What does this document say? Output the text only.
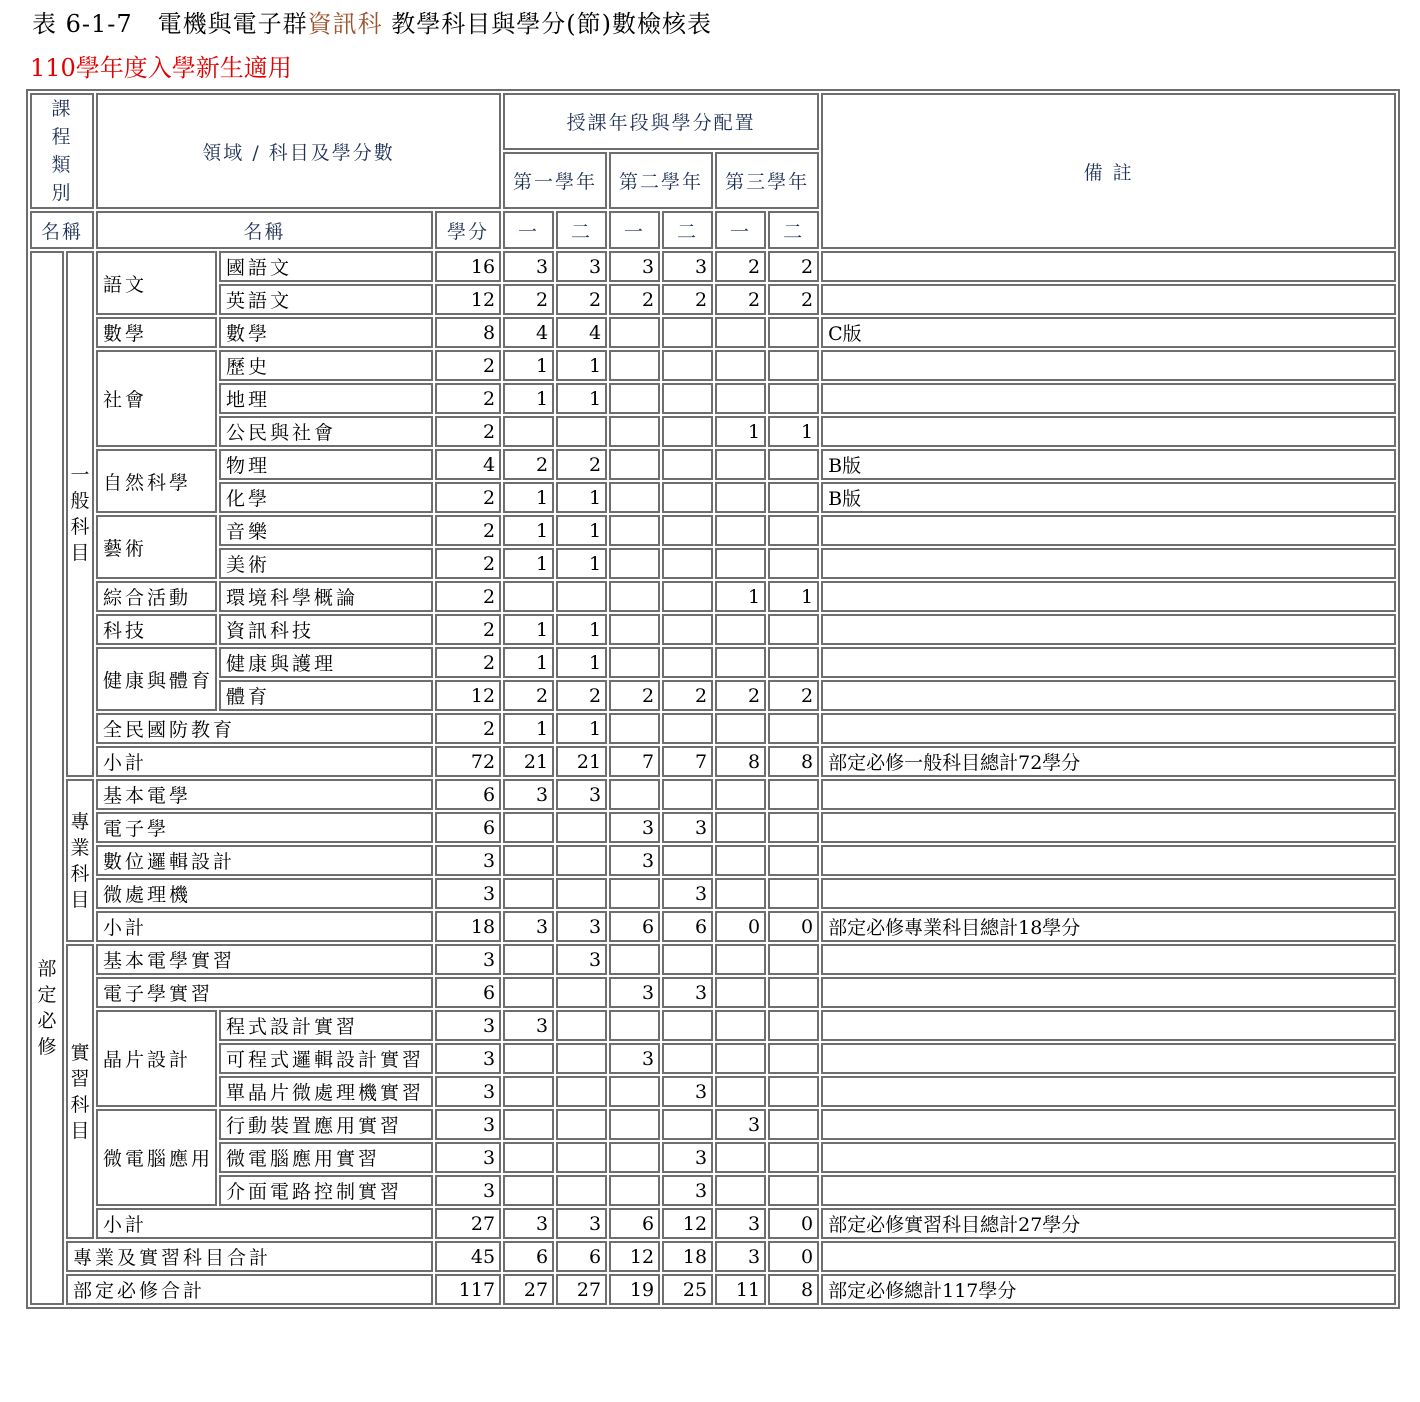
表 6-1-7　電機與電子群資訊科 教學科目與學分(節)數檢核表
110學年度入學新生適用
課程類別		領域 / 科目及學分數			授課年段與學分配置						備 註
					第一學年		第二學年		第三學年		
名稱		名稱		學分	一	二	一	二	一	二	

部定必修	一般科目	語文	國語文	16	3	3	3	3	2	2	
			英語文	12	2	2	2	2	2	2	
		數學	數學	8	4	4					C版
		社會	歷史	2	1	1					
			地理	2	1	1					
			公民與社會	2					1	1	
		自然科學	物理	4	2	2					B版
			化學	2	1	1					B版
		藝術	音樂	2	1	1					
			美術	2	1	1					
		綜合活動	環境科學概論	2					1	1	
		科技	資訊科技	2	1	1					
		健康與體育	健康與護理	2	1	1					
			體育	12	2	2	2	2	2	2	
		全民國防教育		2	1	1					
		小計		72	21	21	7	7	8	8	部定必修一般科目總計72學分

	專業科目	基本電學		6	3	3					
		電子學		6			3	3			
		數位邏輯設計		3			3				
		微處理機		3				3			
		小計		18	3	3	6	6	0	0	部定必修專業科目總計18學分

	實習科目	基本電學實習		3		3					
		電子學實習		6			3	3			
		晶片設計	程式設計實習	3	3						
			可程式邏輯設計實習	3			3				
			單晶片微處理機實習	3				3			
		微電腦應用	行動裝置應用實習	3					3		
			微電腦應用實習	3				3			
			介面電路控制實習	3				3			
		小計		27	3	3	6	12	3	0	部定必修實習科目總計27學分
	專業及實習科目合計			45	6	6	12	18	3	0	
	部定必修合計			117	27	27	19	25	11	8	部定必修總計117學分
